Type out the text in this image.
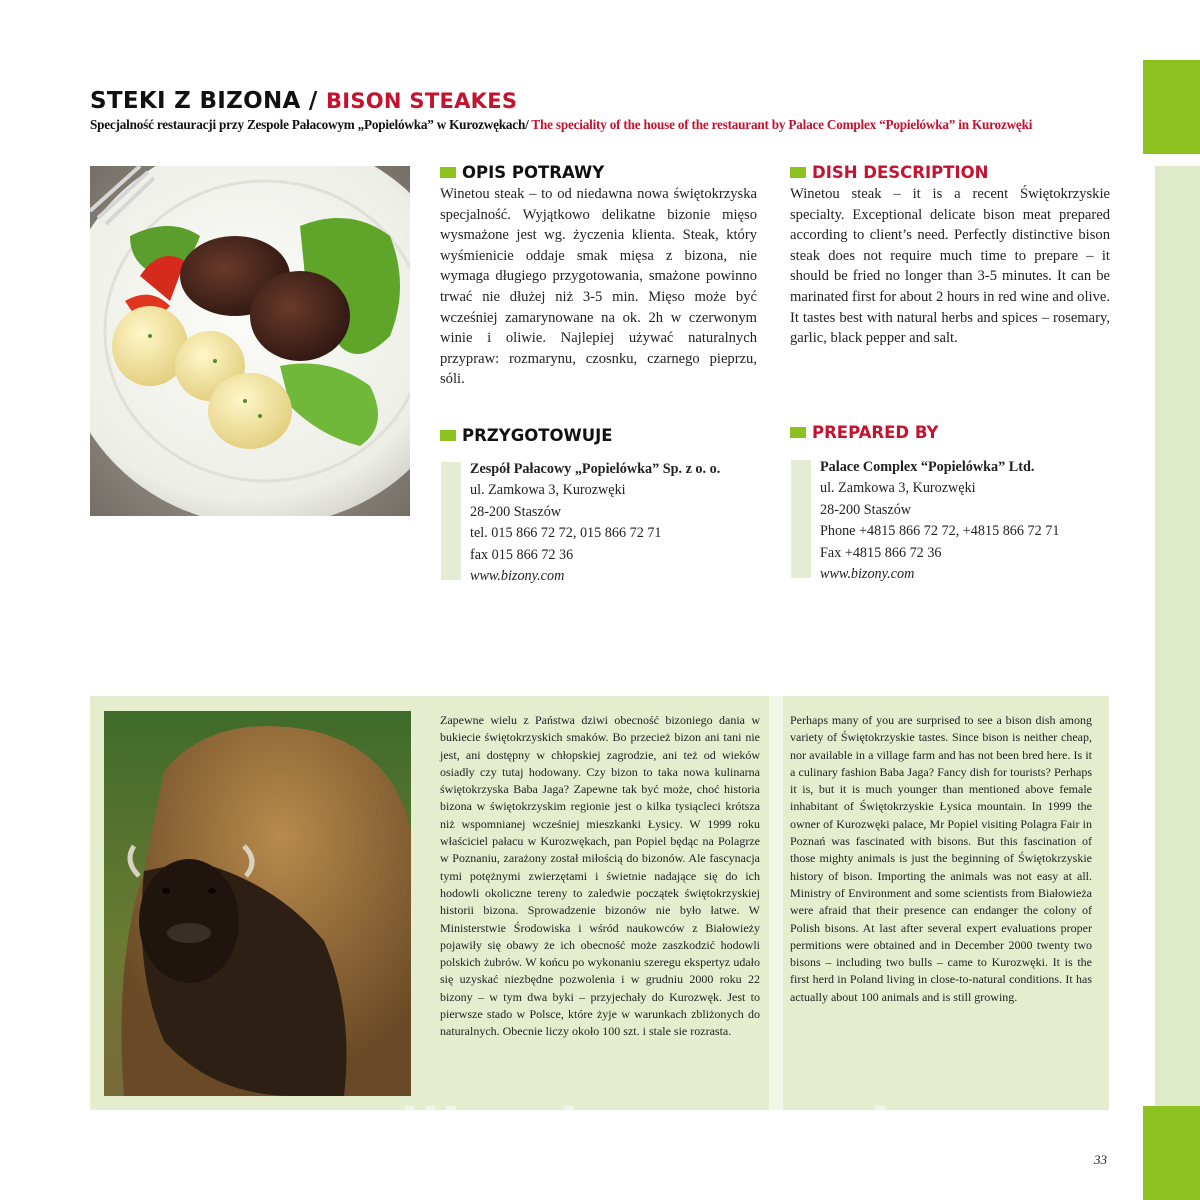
STEKI Z BIZONA / BISON STEAKES
Specjalność restauracji przy Zespole Pałacowym „Popielówka” w Kurozwękach/ The speciality of the house of the restaurant by Palace Complex “Popielówka” in Kurozwęki
OPIS POTRAWY
Winetou steak – to od niedawna nowa świętokrzyska specjalność. Wyjątkowo delikatne bizonie mięso wysmażone jest wg. życzenia klienta. Steak, który wyśmienicie oddaje smak mięsa z bizona, nie wymaga długiego przygotowania, smażone powinno trwać nie dłużej niż 3-5 min. Mięso może być wcześniej zamarynowane na ok. 2h w czerwonym winie i oliwie. Najlepiej używać naturalnych przypraw: rozmarynu, czosnku, czarnego pieprzu, sóli.
DISH DESCRIPTION
Winetou steak – it is a recent Świętokrzyskie specialty. Exceptional delicate bison meat prepared according to client’s need. Perfectly distinctive bison steak does not require much time to prepare – it should be fried no longer than 3-5 minutes. It can be marinated first for about 2 hours in red wine and olive. It tastes best with natural herbs and spices – rosemary, garlic, black pepper and salt.
PRZYGOTOWUJE
Zespół Pałacowy „Popielówka” Sp. z o. o.
ul. Zamkowa 3, Kurozwęki
28-200 Staszów
tel. 015 866 72 72, 015 866 72 71
fax 015 866 72 36
www.bizony.com
PREPARED BY
Palace Complex “Popielówka” Ltd.
ul. Zamkowa 3, Kurozwęki
28-200 Staszów
Phone +4815 866 72 72, +4815 866 72 71
Fax +4815 866 72 36
www.bizony.com
Zapewne wielu z Państwa dziwi obecność bizoniego dania w bukiecie świętokrzyskich smaków. Bo przecież bizon ani tani nie jest, ani dostępny w chłopskiej zagrodzie, ani też od wieków osiadły czy tutaj hodowany. Czy bizon to taka nowa kulinarna świętokrzyska Baba Jaga? Zapewne tak być może, choć historia bizona w świętokrzyskim regionie jest o kilka tysiącleci krótsza niż wspomnianej wcześniej mieszkanki Łysicy. W 1999 roku właściciel pałacu w Kurozwękach, pan Popiel będąc na Polagrze w Poznaniu, zarażony został miłością do bizonów. Ale fascynacja tymi potężnymi zwierzętami i świetnie nadające się do ich hodowli okoliczne tereny to zaledwie początek świętokrzyskiej historii bizona. Sprowadzenie bizonów nie było łatwe. W Ministerstwie Środowiska i wśród naukowców z Białowieży pojawiły się obawy że ich obecność może zaszkodzić hodowli polskich żubrów. W końcu po wykonaniu szeregu ekspertyz udało się uzyskać niezbędne pozwolenia i w grudniu 2000 roku 22 bizony – w tym dwa byki – przyjechały do Kurozwęk. Jest to pierwsze stado w Polsce, które żyje w warunkach zbliżonych do naturalnych. Obecnie liczy około 100 szt. i stale sie rozrasta.
Perhaps many of you are surprised to see a bison dish among variety of Świętokrzyskie tastes. Since bison is neither cheap, nor available in a village farm and has not been bred here. Is it a culinary fashion Baba Jaga? Fancy dish for tourists? Perhaps it is, but it is much younger than mentioned above female inhabitant of Świętokrzyskie Łysica mountain. In 1999 the owner of Kurozwęki palace, Mr Popiel visiting Polagra Fair in Poznań was fascinated with bisons. But this fascination of those mighty animals is just the beginning of Świętokrzyskie history of bison. Importing the animals was not easy at all. Ministry of Environment and some scientists from Białowieża were afraid that their presence can endanger the colony of Polish bisons. At last after several expert evaluations proper permitions were obtained and in December 2000 twenty two bisons – including two bulls – came to Kurozwęki. It is the first herd in Poland living in close-to-natural conditions. It has actually about 100 animals and is still growing.
wedlinydomowe.pl	33
